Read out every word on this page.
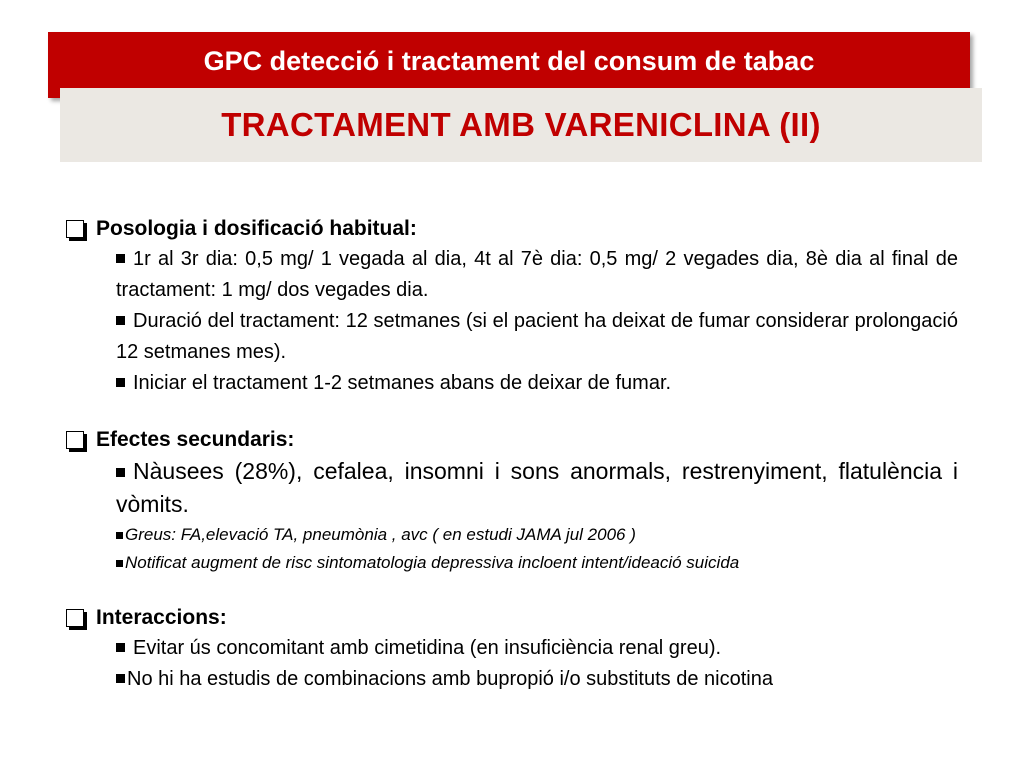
GPC detecció i tractament del consum de tabac
TRACTAMENT AMB VARENICLINA (II)
Posologia i dosificació habitual:
1r al 3r dia: 0,5 mg/ 1 vegada al dia, 4t al 7è dia: 0,5 mg/ 2 vegades dia, 8è dia al final de tractament: 1 mg/ dos vegades dia.
Duració del tractament: 12 setmanes (si el pacient ha deixat de fumar considerar prolongació 12 setmanes mes).
Iniciar el tractament 1-2 setmanes abans de deixar de fumar.
Efectes secundaris:
Nàusees (28%), cefalea, insomni i sons anormals, restrenyiment, flatulència i vòmits.
Greus: FA,elevació TA, pneumònia , avc ( en estudi JAMA jul 2006 )
Notificat augment de risc sintomatologia depressiva incloent intent/ideació suicida
Interaccions:
Evitar ús concomitant amb cimetidina (en insuficiència renal greu).
No hi ha estudis de combinacions amb bupropió i/o substituts de nicotina
